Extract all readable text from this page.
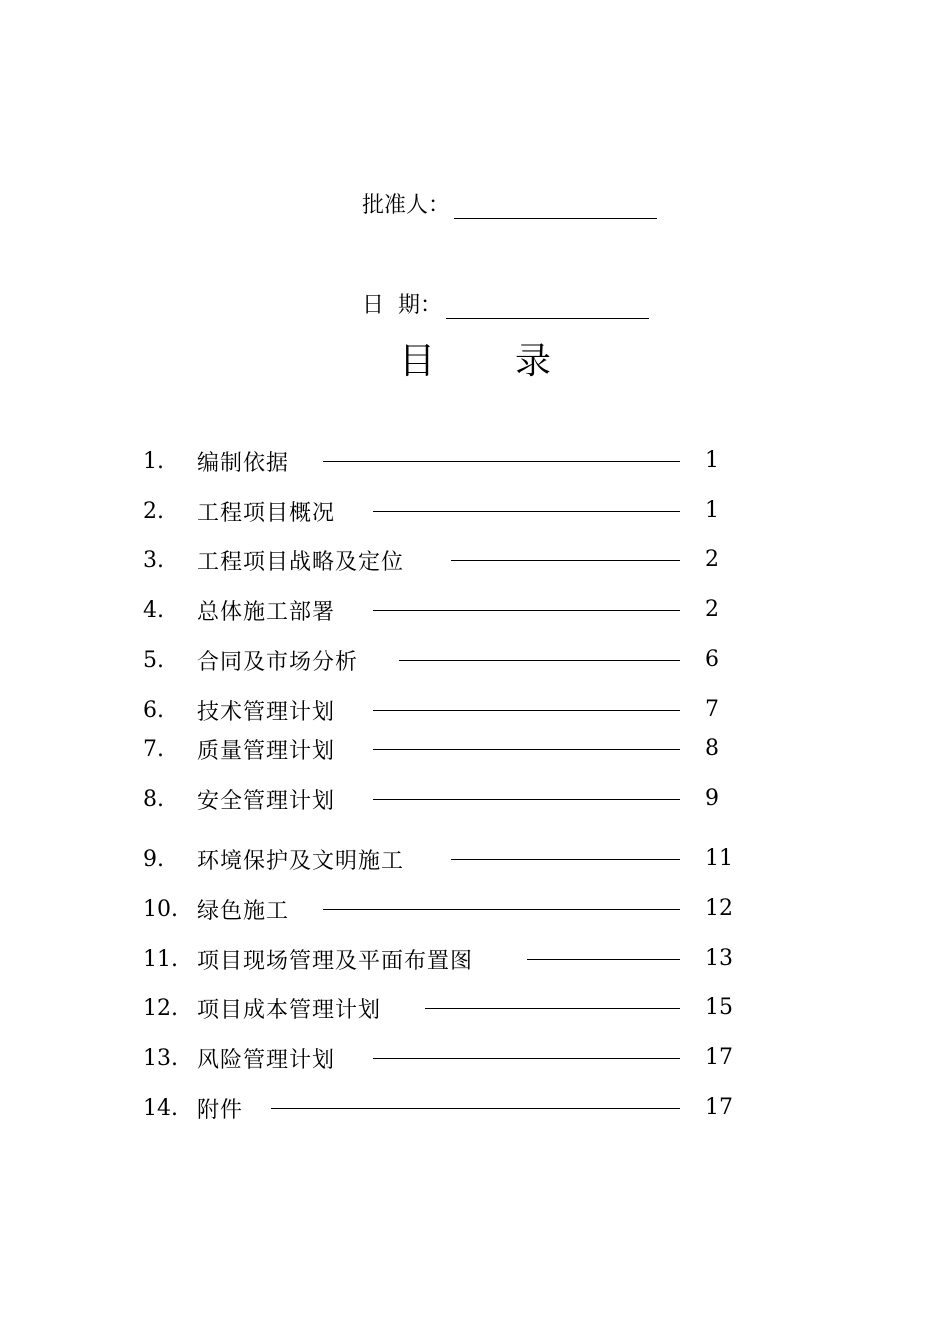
批准人：
日  期：
目 录
1.	编制依据	1
2.	工程项目概况	1
3.	工程项目战略及定位	2
4.	总体施工部署	2
5.	合同及市场分析	6
6.	技术管理计划	7
7.	质量管理计划	8
8.	安全管理计划	9
9.	环境保护及文明施工	11
10. 绿色施工	12
11. 项目现场管理及平面布置图	13
12. 项目成本管理计划	15
13. 风险管理计划	17
14. 附件	17
